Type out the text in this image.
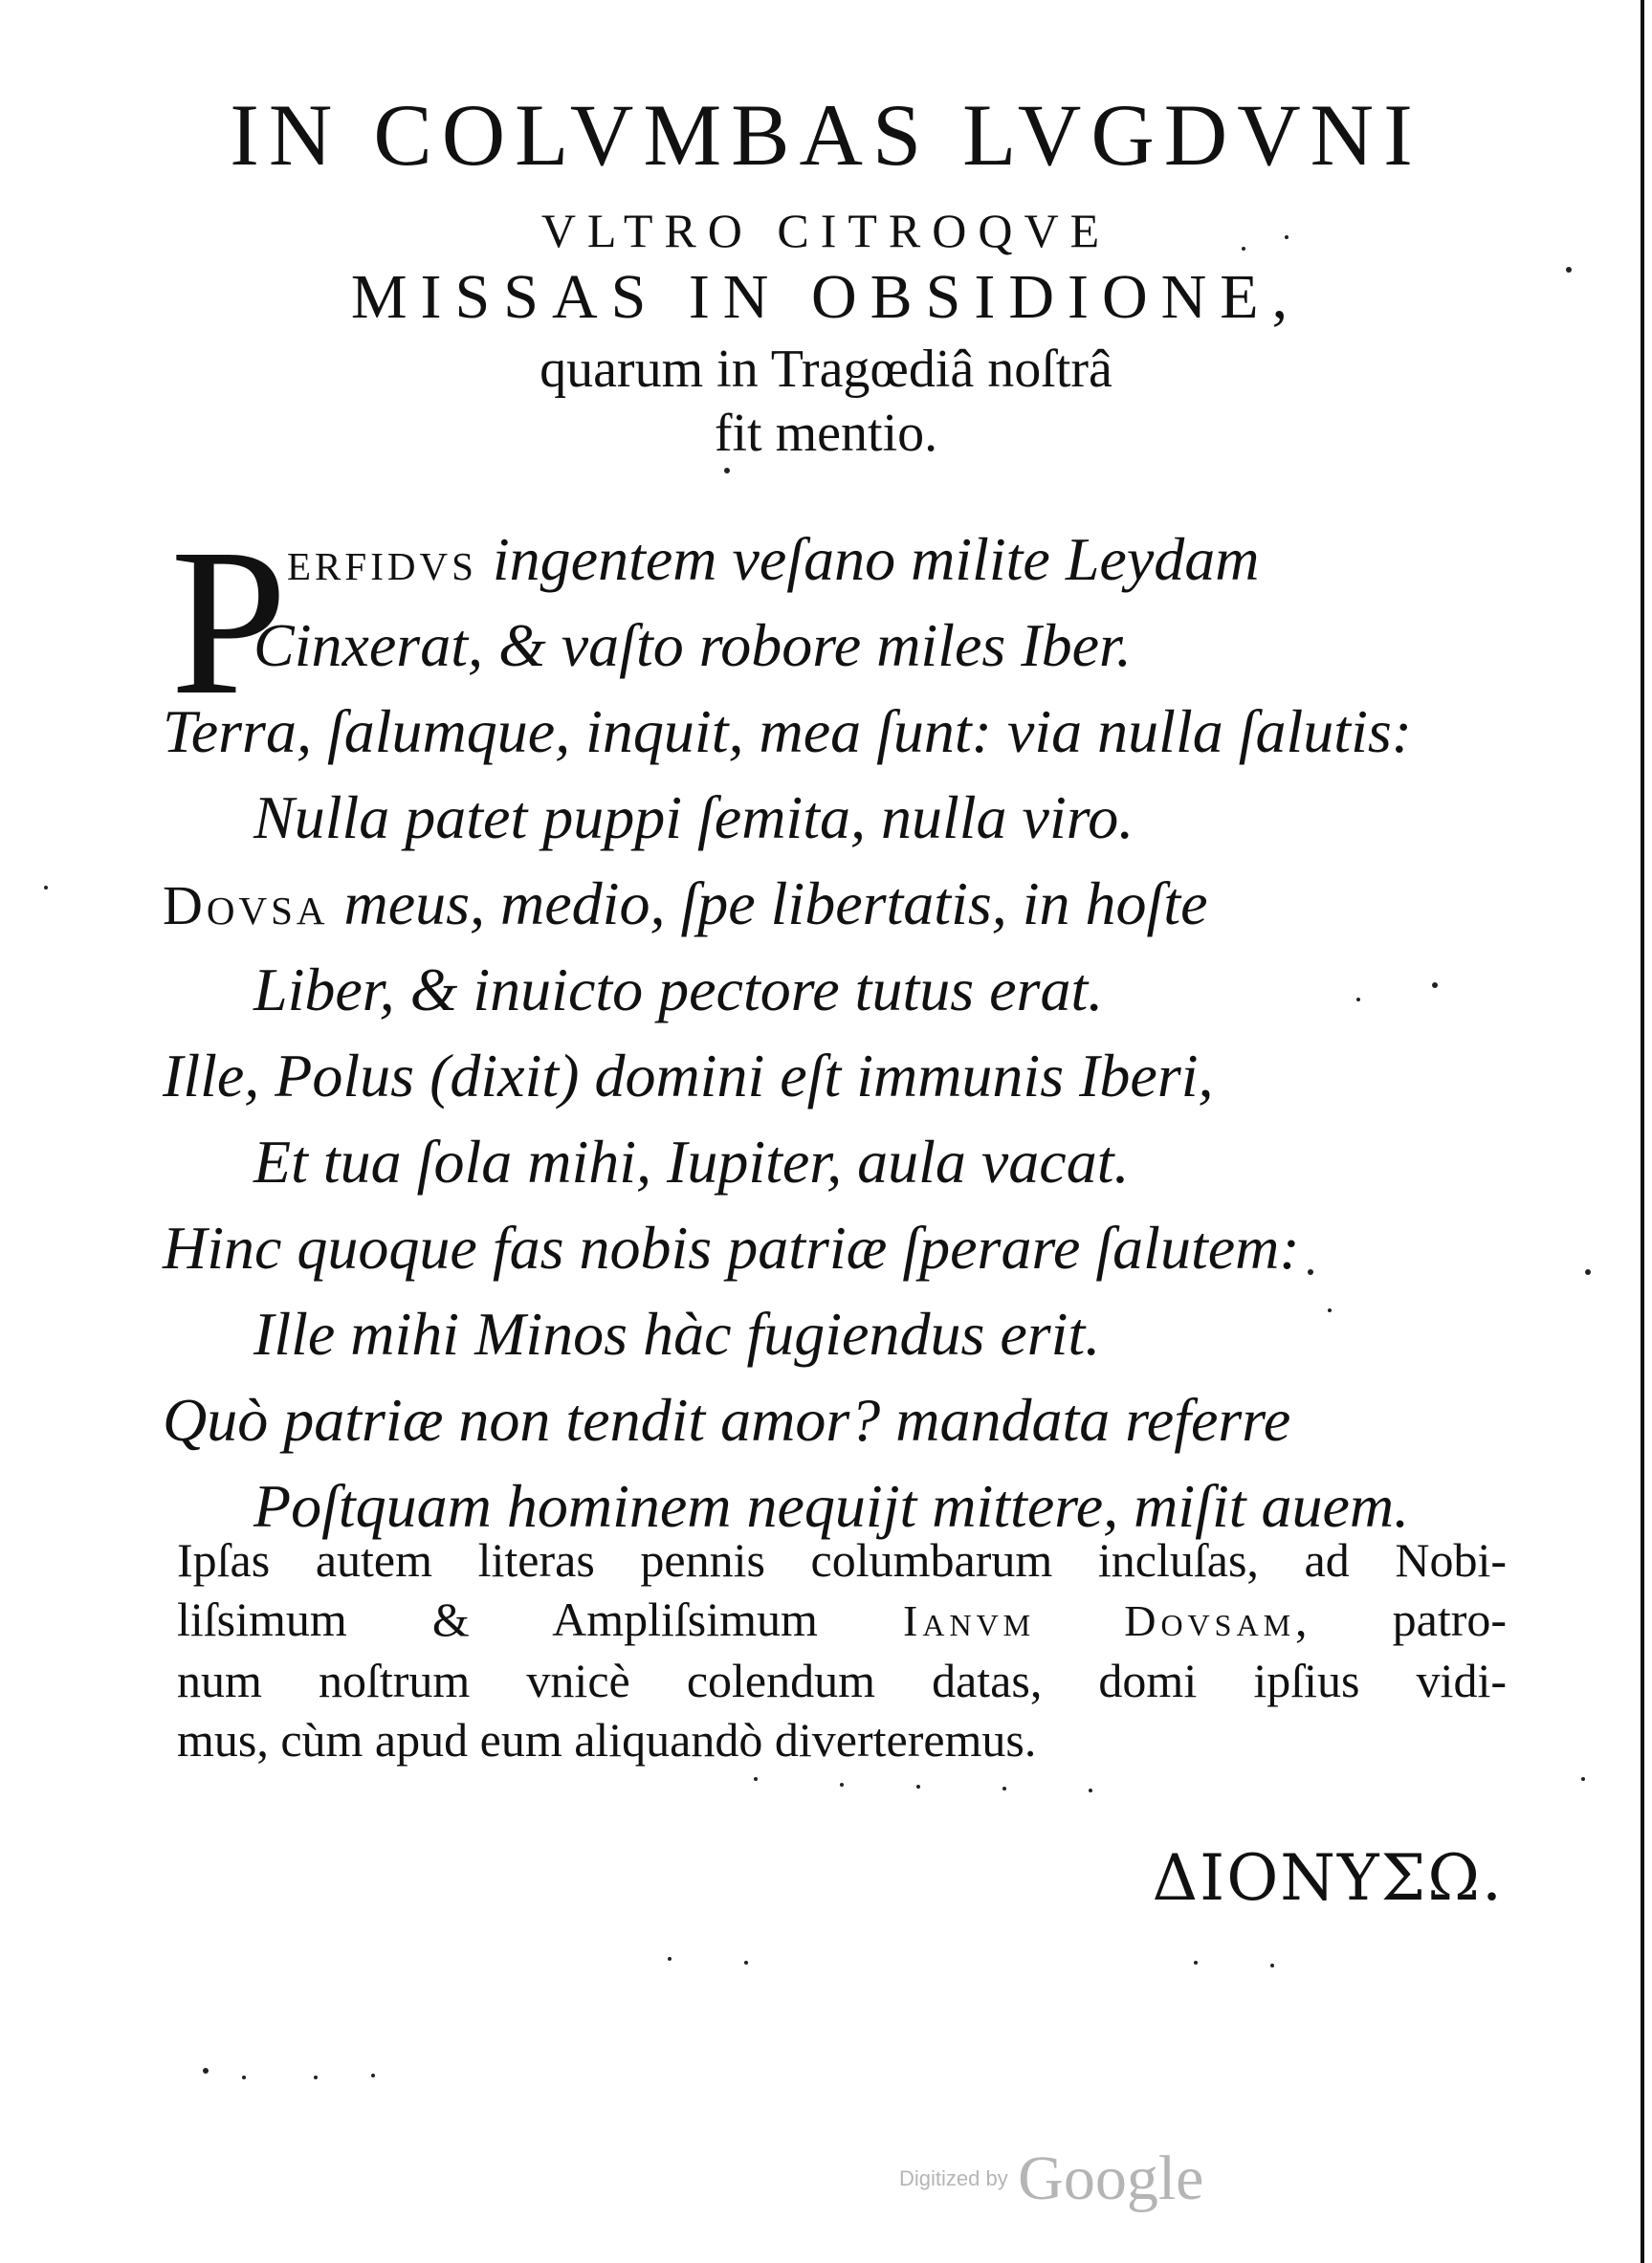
IN COLVMBAS LVGDVNI
VLTRO CITROQVE
MISSAS IN OBSIDIONE,
quarum in Tragœdiâ noſtrâ
fit mentio.
P erfidvs ingentem veſano milite Leydam
Cinxerat, & vaſto robore miles Iber.
Terra, ſalumque, inquit, mea ſunt: via nulla ſalutis:
Nulla patet puppi ſemita, nulla viro.
Dovsa meus, medio, ſpe libertatis, in hoſte
Liber, & inuicto pectore tutus erat.
Ille, Polus (dixit) domini eſt immunis Iberi,
Et tua ſola mihi, Iupiter, aula vacat.
Hinc quoque fas nobis patriæ ſperare ſalutem:
Ille mihi Minos hàc fugiendus erit.
Quò patriæ non tendit amor? mandata referre
Poſtquam hominem nequijt mittere, miſit auem.
Ipſas autem literas pennis columbarum incluſas, ad Nobi-
liſsimum & Ampliſsimum Ianvm Dovsam, patro-
num noſtrum vnicè colendum datas, domi ipſius vidi-
mus, cùm apud eum aliquandò diverteremus.
ΔΙΟΝΥΣΩ.
Digitized by Google
